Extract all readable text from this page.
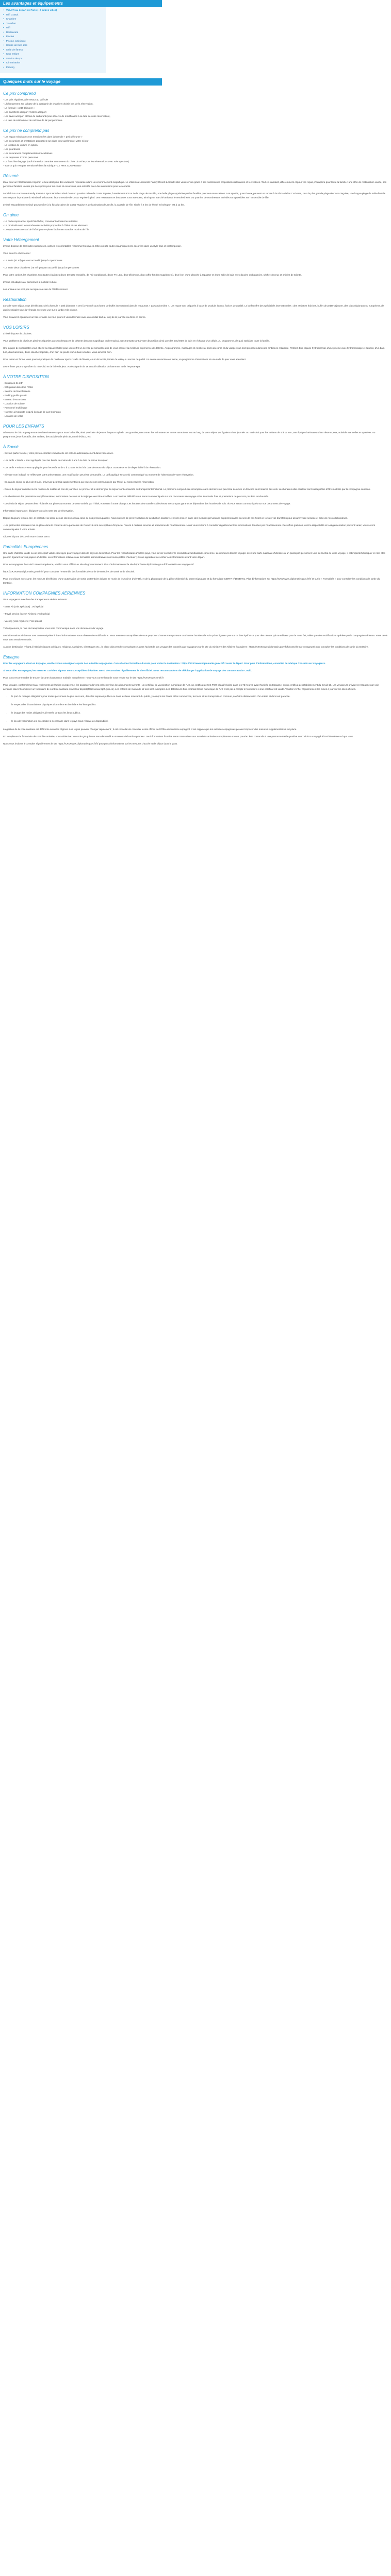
Les avantages et équipements
• Vol A/R au départ de Paris (+2 autres villes)
• Wifi Gratuit
• Chambre
• Transfert
• Wifi
• Restaurant
• Piscine
• Piscine extérieure
• Centre de bien-être
• Salle de fitness
• Club enfant
• Service de spa
• Climatisation
• Parking
Quelques mots sur le voyage
Ce prix comprend
- Les vols réguliers, aller-retour au tarif A/R
- L'hébergement sur la base de la catégorie de chambre choisie lors de la réservation,
- La formule « petit-déjeuner »
- Les transferts aéroport / hôtel / aéroport
- Les taxes aéroport et frais de carburant (sous réserve de modification à la date de votre réservation),
- La taxe de solidarité et de carbone de 5€ par personne.
Ce prix ne comprend pas
- Les repas et boissons non mentionnées dans la formule « petit-déjeuner »
- Les excursions et prestations proposées sur place pour agrémenter votre séjour
- La location de voiture en option
- Les pourboires
- Les assurances complémentaires facultatives
- Les dépenses d'ordre personnel
- Le franchise bagage (sauf si mention contraire au moment du choix du vol et pour les réservations avec vols spéciaux)
- Tout ce qui n'est pas mentionné dans la rubrique "CE PRIX COMPREND"
Résumé

Idéal pour un hôtel familial et sportif, le lieu idéal pour des vacances reposantes dans un environnement magnifique. Le Vilalcisou Lanzarote Family Resort & Sport Hotel vous servira grâce à ses nombreuses propositions relaxantes et récréatives. Tout ce standard, différemment et pour vos repas, s'adaptera pour toute la famille : une offre de restauration variée, son personnel familier, un vrai pro des sports pour les cours et excursions, des activités avec des animations pour les enfants.

Le Vilalcisou Lanzarote Family Resort & Sport Hotel est situé dans un quartier calme de Costa Teguise, à seulement 900 m de la plage de Bastián, une belle plage appréciée par les familles pour ses eaux calmes. Les sportifs, quant à eux, peuvent se rendre à la Plaza de las Cucharas, c'est la plus grande plage de Costa Teguise, une longue plage de sable fin très connue pour la pratique du windsurf. Découvrez la promenade de Costa Teguise à pied. Des restaurants et boutiques vous attendent, ainsi qu'un marché artisanal le vendredi soir. Du quartier, de nombreuses activités sont possibles sur l'ensemble de l'île.

L'hôtel est parfaitement situé pour profiter à la fois du calme de Costa Teguise et de l'animation d'Arrecife, la capitale de l'île, située à 8 km de l'hôtel et l'aéroport est à 12 km.

On aime
- Le cadre reposant et sportif de l'hôtel, convenant à toutes les attentes
- La proximité avec les nombreuses activités proposées à l'hôtel et ses alentours
- L'emplacement central de l'hôtel pour explorer facilement tous les recoins de l'île
Votre Hébergement

L'hôtel dispose de 310 suites spacieuses, calmes et confortables récemment rénovées. Elles ont été toutes magnifiquement décorées dans un style frais et contemporain.

Vous aurez le choix entre :

- La Suite (52 m²) pouvant accueillir jusqu'à 4 personnes

- La Suite deux chambres (75 m²) pouvant accueillir jusqu'à 6 personnes

Pour votre confort, les chambres sont toutes équipées d'une terrasse meublée, de l'air conditionné, d'une TV LCD, d'un téléphone, d'un coffre-fort (en supplément), d'un lit et d'une planche à repasser et d'une salle de bain avec douche ou baignoire, sèche-cheveux et articles de toilette.

L'hôtel est adapté aux personnes à mobilité réduite.

Les animaux ne sont pas acceptés au sein de l'établissement.

Restauration

Lors de votre séjour, vous bénéficierez de la formule « petit déjeuner » servi à volonté sous forme de buffet international dans le restaurant « La Cordonnière ». Les repas sont préparés à base de produits locaux, frais et de qualité. Le buffet offre des spécialités internationales : des assiettes fraîches, buffet de petits-déjeuner, des plats régionaux ou européens, de quoi se régaler sous la véranda avec une vue sur le jardin et la piscine.

Vous trouverez également un bar-terrasse où vous pourrez vous détendre avec un cocktail tout au long de la journée ou dîner en soirée.

VOS LOISIRS

L'hôtel dispose de piscines.

Vous profiterez de plusieurs piscines réparties au sein d'espaces de détente dans un magnifique cadre tropical. Des transats sont à votre disposition ainsi que des serviettes de bain en échange d'un dépôt. Au programme, de quoi satisfaire toute la famille.

Une équipe de spécialistes vous attend au Spa de l'hôtel pour vous offrir un service personnalisé afin de vous assurer la meilleure expérience de détente. Au programme, massages et nombreux soins du corps et du visage vous sont proposés dans une ambiance relaxante. Profitez d'un espace hydrothermal, d'une piscine avec hydromassage et saunas, d'un bain turc, d'un hammam, d'une douche tropicale, d'un bain de pieds et d'un bain à bulles. Vous aimerez bien.

Pour rester en forme, vous pourrez pratiquer de nombreux sports : salle de fitness, court de tennis, terrain de volley ou encore de padel. Un centre de remise en forme, un programme d'animations et une salle de jeux vous attendent.

Les enfants pourront profiter du mini-club et de l'aire de jeux. Accès à partir de 16 ans à l'utilisation du hammam et de l'espace spa.

À VOTRE DISPOSITION
- Boutiques 24-24h
- Wifi gratuit dans tout l'hôtel
- Service de blanchisserie
- Parking public gratuit
- Bureau d'excursions
- Location de voiture
- Personnel multilingue
- Navette 4/J gratuite jusqu'à la plage de Las Cucharas
- Location de vélos
POUR LES ENFANTS

Découvrez le club et programme de divertissements pour toute la famille, ainsi que l'aire de jeux et l'espace Splash. Les grandes, rencontrez les animateurs et autres attractions tout au long de votre séjour qui égaieront leur journée. Au mini-club pour les enfants de 4 à 12 ans, une équipe d'animateurs leur réserve jeux, activités manuelles et sportives. Au programme, jeux éducatifs, des ateliers, des activités de plein air, un mini-disco, etc.

À Savoir

- Si vous partez seul(e), votre prix en chambre individuelle est calculé automatiquement dans votre devis.

- Les tarifs « bébés » sont appliqués pour les bébés de moins de 2 ans à la date de retour du séjour.

- Les tarifs « enfants » sont appliqués pour les enfants de 2 à 12 ans inclus à la date de retour du séjour. Sous réserve de disponibilité à la réservation.

- Si votre nom indiqué ne reflète pas votre présentation, une modification peut être demandée. Le tarif appliqué sera celui communiqué au moment de l'obtention de votre réservation.

- En cas de séjour de plus de 3 nuits, prévoyez des frais supplémentaires qui vous seront communiqués par l'hôtel au moment de la réservation.

- Durée du séjour calculée sur le nombre de nuitées et non de journées. Le premier et le dernier jour du séjour sont consacrés au transport international. La première nuit peut être incomplète ou la dernière nuit peut être écourtée en fonction des horaires des vols. Les horaires aller et retour sont susceptibles d'être modifiés par la compagnie aérienne.

- En choisissant des prestations supplémentaires, les horaires des vols et le trajet peuvent être modifiés. Les horaires définitifs vous seront communiqués sur vos documents de voyage et les éventuels frais et prestations ne pourront pas être remboursés.

- Des frais de séjour peuvent être réclamés sur place au moment de votre arrivée par l'hôtel, et restent à votre charge. Les horaires des transferts aller/retour ne sont pas garantis et dépendent des horaires de vols. Ils vous seront communiqués sur vos documents de voyage.

Information importante : Éloignez-vous de notre site de réservation.

Depuis toujours, le bien-être, le confort et la santé de nos clients sont au cœur de nos préoccupations. Nous suivons de près l'évolution de la situation sanitaire et avons mis en place des mesures préventives supplémentaires au sein de nos hôtels et lors de vos transferts pour assurer votre sécurité et celle de nos collaborateurs.

- Les protocoles sanitaires mis en place dans le contexte de la pandémie de Covid-19 sont susceptibles d'impacter l'accès à certains services et attractions de l'établissement. Nous vous invitons à consulter régulièrement les informations données par l'établissement. Des offres gratuites, dont la disponibilité et la réglementation peuvent varier, vous seront communiquées à votre arrivée.

Cliquez ici pour découvrir notre charte Zen'S

Formalités Européennes

Une carte d'identité valide ou un passeport valide est exigée pour voyager dans le pays de destination. Pour les ressortissants d'autres pays, vous devez consulter le consulat ou l'ambassade concernée. Les mineurs doivent voyager avec une carte nationale d'identité ou un passeport personnel. Lors de l'achat de votre voyage, il est impératif d'indiquer le nom et le prénom figurant sur vos papiers d'identité. Les informations relatives aux formalités administratives sont susceptibles d'évoluer ; il vous appartient de vérifier ces informations avant votre départ.

Pour les voyageurs hors de l'Union Européenne, veuillez vous référer au site du gouvernement. Plus d'information sur le site https://www.diplomatie.gouv.fr/fr/conseils-aux-voyageurs/

https://XXXXwww.diplomatie.gouv.fr/fr/ pour consulter l'ensemble des formalités de sortie de territoire, de santé et de sécurité.

Pour les séjours avec carte, les mineurs bénéficiant d'une autorisation de sortie du territoire doivent se munir de leur pièce d'identité, et de la photocopie de la pièce d'identité du parent signataire et du formulaire CERFA n°15646*01. Plus d'informations sur https://XXXXwww.diplomatie.gouv.fr/fr/ et sur le « Formalités » pour consulter les conditions de sortie du territoire.

INFORMATION COMPAGNIES AERIENNES

Vous voyagerez avec l'un des transporteurs aériens suivants :

- Enter Air (vols spéciaux) : Vol spécial

- Travel service (Czech Airlines) : Vol spécial

- Vueling (vols réguliers) : Vol spécial

Théoriquement, le nom du transporteur vous sera communiqué dans vos documents de voyage.

Les informations ci-dessus sont communiquées à titre d'information et sous réserve de modifications. Nous sommes susceptibles de vous proposer d'autres transporteurs ou d'autres horaires de vols qui ne figurent pas sur ce descriptif et ce pour des raisons qui ne relèvent pas de notre fait, telles que des modifications opérées par la compagnie aérienne. Votre devis vous sera ensuite transmis.

Aucune destination n'étant à l'abri de risques politiques, religieux, sanitaires, climatiques etc., le client doit prendre connaissance avant l'achat de son voyage des conseils aux voyageurs sur le site du ministère des Affaires étrangères : https://XXXXwww.diplomatie.gouv.fr/fr/conseils-aux-voyageurs/ pour consulter les conditions de sortie du territoire.

Espagne

Pour les voyageurs allant en Espagne, veuillez-vous renseigner auprès des autorités espagnoles. Consultez les formalités d'accès pour visiter la destination : https://XXXXwww.diplomatie.gouv.fr/fr/ avant le départ. Pour plus d'informations, consultez la rubrique Conseils aux voyageurs.

Si vous allez en Espagne, les mesures Covid en vigueur sont susceptibles d'évoluer. Merci de consulter régulièrement le site officiel. Nous recommandons de télécharger l'application de traçage des contacts Radar Covid.

Pour vous recommander de trouver la carte d'assurance maladie européenne, nous vous conseillons de vous rendre sur le site https://XXXXwww.ameli.fr

Pour voyager, conformément aux règlements de l'Union européenne, les passagers doivent présenter l'un des documents suivants : un certificat de vaccination numérique de l'UE, un certificat de test PCR négatif réalisé dans les 72 heures avant l'arrivée en Espagne, ou un certificat de rétablissement du Covid-19. Les voyageurs arrivant en Espagne par voie aérienne doivent compléter un formulaire de contrôle sanitaire avant leur départ (https://www.spth.gob.es). Les enfants de moins de 12 ans sont exemptés. Les détenteurs d'un certificat Covid numérique de l'UE n'ont pas à remplir le formulaire si leur certificat est valide. Veuillez vérifier régulièrement les mises à jour sur les sites officiels.

• le port du masque obligatoire pour toutes personnes de plus de 6 ans, dans les espaces publics ou dans les lieux recevant du public, y compris les hôtels et les commerces, les taxis et les transports en commun, sauf si la distanciation d'un mètre et demi est garantie.
• le respect des distanciations physiques d'un mètre et demi dans les lieux publics.
• le lavage des mains obligatoire à l'entrée de tous les lieux publics.
• le lieu de vaccination est accessible si nécessaire dans le pays sous réserve de disponibilité.

La gestion de la crise sanitaire est différente selon les régions. Les règles peuvent changer rapidement ; il est conseillé de consulter le site officiel de l'Office de tourisme espagnol. Il est rappelé que les autorités espagnoles peuvent imposer des mesures supplémentaires sur place.

En remplissant le formulaire de contrôle sanitaire, vous obtiendrez un code QR qui vous sera demandé au moment de l'embarquement. Les informations fournies seront transmises aux autorités sanitaires compétentes et vous pourriez être contactés si une personne testée positive au Covid-19 a voyagé à bord du même vol que vous.

Nous vous invitons à consulter régulièrement le site https://XXXXwww.diplomatie.gouv.fr/fr/ pour plus d'informations sur les mesures d'accès et de séjour dans le pays.
